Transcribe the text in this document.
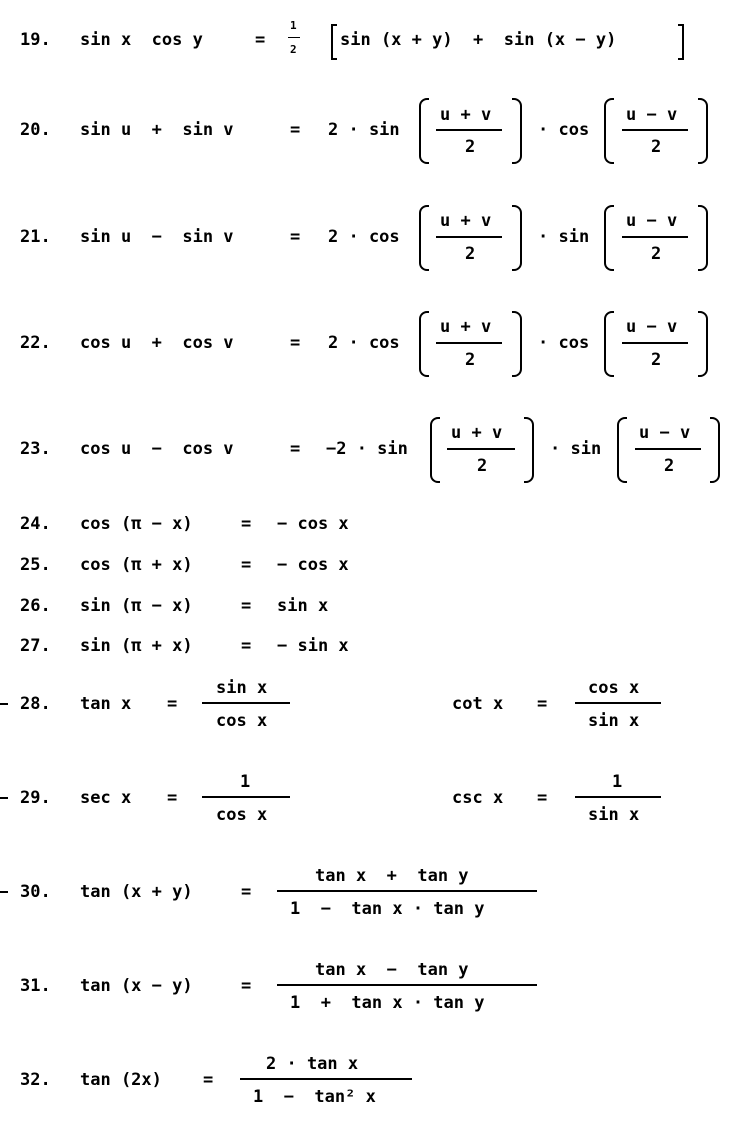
19. sin x  cos y	=
1
2	sin (x + y)  +  sin (x − y)
20. sin u  +  sin v	= 2 · sin
u + v
2
· cos
u − v
2
21. sin u  −  sin v	= 2 · cos
u + v
2
· sin
u − v
2
22. cos u  +  cos v	= 2 · cos
u + v
2
· cos
u − v
2
23. cos u  −  cos v	= −2 · sin
u + v
2
· sin
u − v
2
24. cos (π − x)	= − cos x
25. cos (π + x)	= − cos x
26. sin (π − x)	= sin x
27. sin (π + x)	= − sin x
28. tan x =
sin x
cos x
cot x =
cos x
sin x
29. sec x =
1
cos x
csc x =
1
sin x
30. tan (x + y)	=
tan x  +  tan y
1  −  tan x · tan y
31. tan (x − y)	=
tan x  −  tan y
1  +  tan x · tan y
32. tan (2x) =
2 · tan x
1  −  tan² x
